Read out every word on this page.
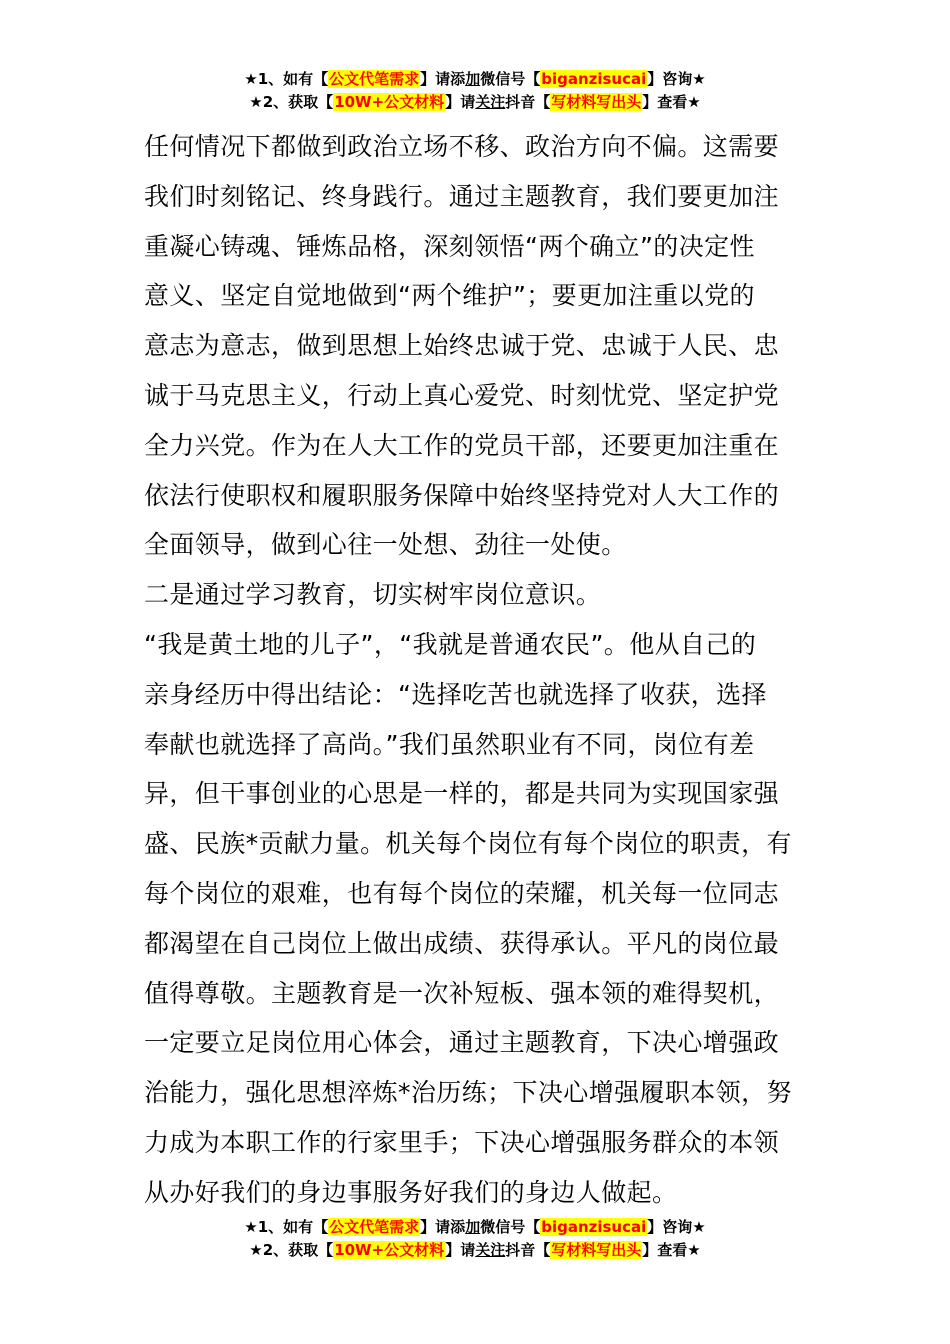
★1、如有【公文代笔需求】请添加微信号【biganzisucai】咨询★
★2、获取【10W+公文材料】请关注抖音【写材料写出头】查看★

任何情况下都做到政治立场不移、政治方向不偏。这需要

我们时刻铭记、终身践行。通过主题教育，我们要更加注

重凝心铸魂、锤炼品格，深刻领悟“两个确立”的决定性

意义、坚定自觉地做到“两个维护”；要更加注重以党的

意志为意志，做到思想上始终忠诚于党、忠诚于人民、忠

诚于马克思主义，行动上真心爱党、时刻忧党、坚定护党

全力兴党。作为在人大工作的党员干部，还要更加注重在

依法行使职权和履职服务保障中始终坚持党对人大工作的

全面领导，做到心往一处想、劲往一处使。

二是通过学习教育，切实树牢岗位意识。

“我是黄土地的儿子”，“我就是普通农民”。他从自己的

亲身经历中得出结论：“选择吃苦也就选择了收获，选择

奉献也就选择了高尚。”我们虽然职业有不同，岗位有差

异，但干事创业的心思是一样的，都是共同为实现国家强

盛、民族*贡献力量。机关每个岗位有每个岗位的职责，有

每个岗位的艰难，也有每个岗位的荣耀，机关每一位同志

都渴望在自己岗位上做出成绩、获得承认。平凡的岗位最

值得尊敬。主题教育是一次补短板、强本领的难得契机，

一定要立足岗位用心体会，通过主题教育，下决心增强政

治能力，强化思想淬炼*治历练；下决心增强履职本领，努

力成为本职工作的行家里手；下决心增强服务群众的本领

从办好我们的身边事服务好我们的身边人做起。

★1、如有【公文代笔需求】请添加微信号【biganzisucai】咨询★
★2、获取【10W+公文材料】请关注抖音【写材料写出头】查看★
